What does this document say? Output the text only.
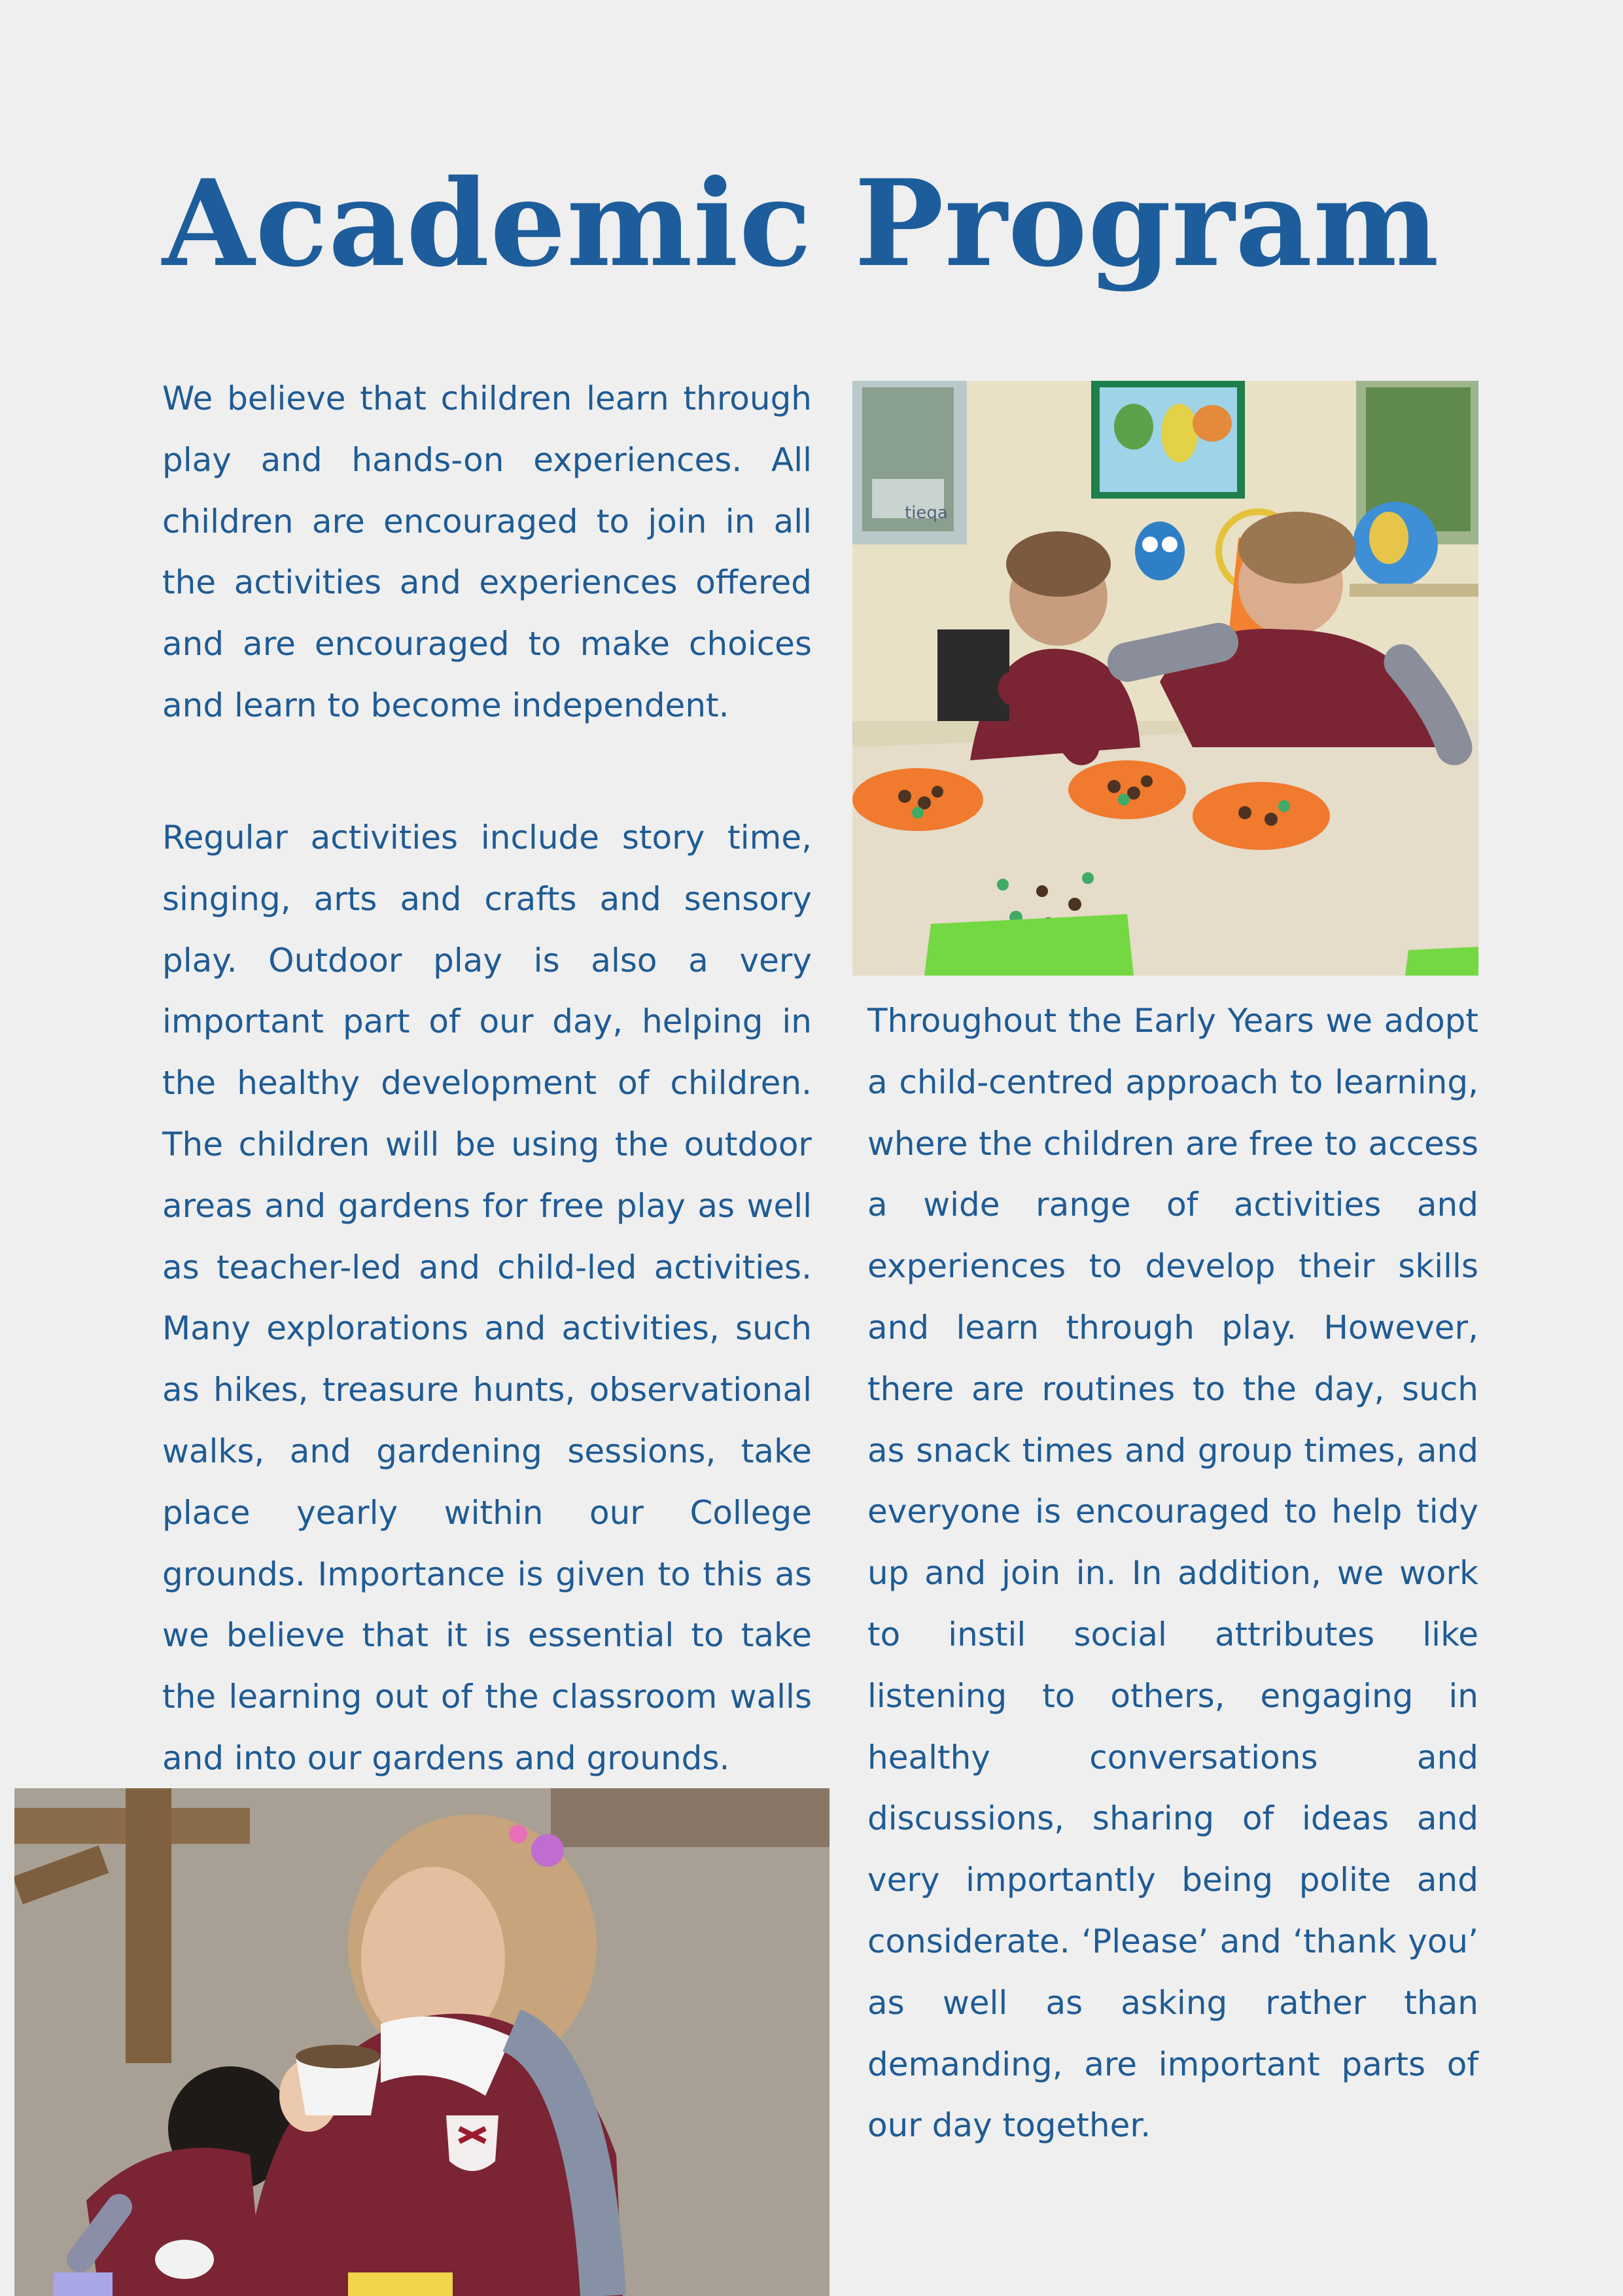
Academic Program

We believe that children learn through play and hands-on experiences. All children are encouraged to join in all the activities and experiences offered and are encouraged to make choices and learn to become independent.

Regular activities include story time, singing, arts and crafts and sensory play. Outdoor play is also a very important part of our day, helping in the healthy development of children. The children will be using the outdoor areas and gardens for free play as well as teacher-led and child-led activities. Many explorations and activities, such as hikes, treasure hunts, observational walks, and gardening sessions, take place yearly within our College grounds. Importance is given to this as we believe that it is essential to take the learning out of the classroom walls and into our gardens and grounds.

Throughout the Early Years we adopt a child-centred approach to learning, where the children are free to access a wide range of activities and experiences to develop their skills and learn through play. However, there are routines to the day, such as snack times and group times, and everyone is encouraged to help tidy up and join in. In addition, we work to instil social attributes like listening to others, engaging in healthy conversations and discussions, sharing of ideas and very importantly being polite and considerate. ‘Please’ and ‘thank you’ as well as asking rather than demanding, are important parts of our day together.

tieqa
